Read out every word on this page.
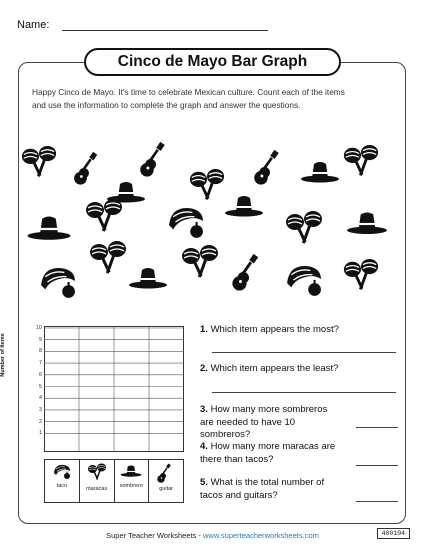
Name:
Cinco de Mayo Bar Graph
Happy Cinco de Mayo. It's time to celebrate Mexican culture. Count each of the items and use the information to complete the graph and answer the questions.
10
9
8
7
6
5
4
3
2
1
Number of Items
taco	maracas sombrero	guitar
1. Which item appears the most?
2. Which item appears the least?
3. How many more sombreros are needed to have 10 sombreros?
4. How many more maracas are there than tacos?
5. What is the total number of tacos and guitars?
Super Teacher Worksheets - www.superteacherworksheets.com	400104
